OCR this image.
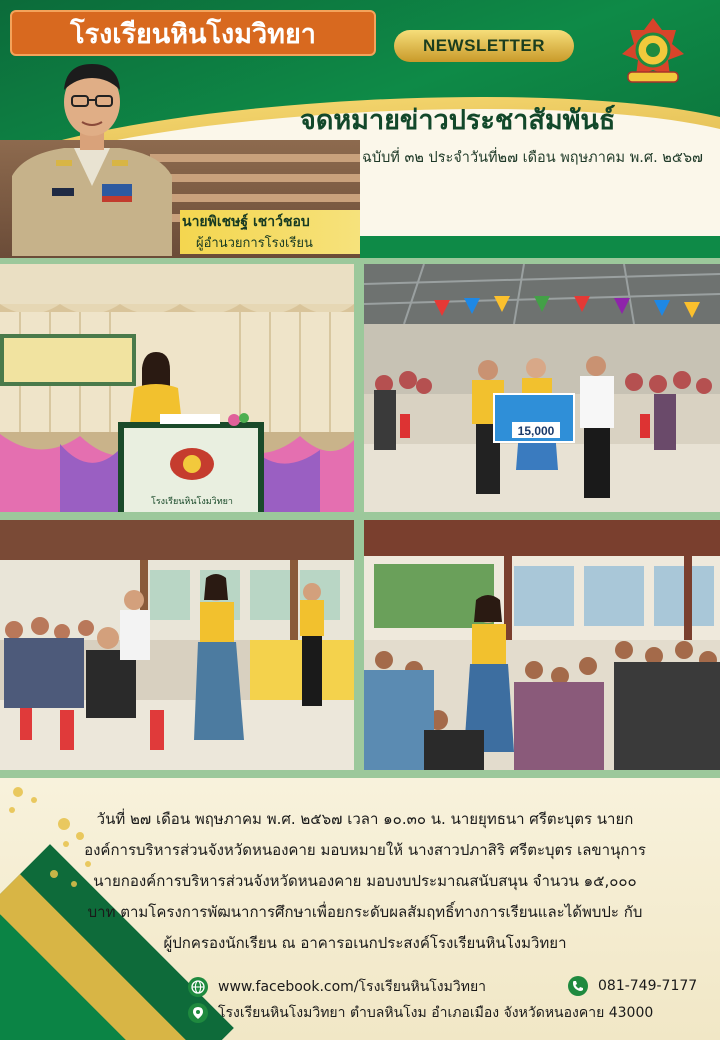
โรงเรียนหินโงมวิทยา	NEWSLETTER
จดหมายข่าวประชาสัมพันธ์
ฉบับที่ ๓๒ ประจำวันที่๒๗ เดือน พฤษภาคม พ.ศ. ๒๕๖๗
นายพิเชษฐ์ เชาว์ชอบ
ผู้อำนวยการโรงเรียน
โรงเรียนหินโงมวิทยา
15,000
วันที่ ๒๗ เดือน พฤษภาคม พ.ศ. ๒๕๖๗ เวลา ๑๐.๓๐ น. นายยุทธนา ศรีตะบุตร นายก
องค์การบริหารส่วนจังหวัดหนองคาย มอบหมายให้ นางสาวปภาสิริ ศรีตะบุตร เลขานุการ
นายกองค์การบริหารส่วนจังหวัดหนองคาย มอบงบประมาณสนับสนุน จำนวน ๑๕,๐๐๐
บาท ตามโครงการพัฒนาการศึกษาเพื่อยกระดับผลสัมฤทธิ์ทางการเรียนและได้พบปะ กับ
ผู้ปกครองนักเรียน ณ อาคารอเนกประสงค์โรงเรียนหินโงมวิทยา
www.facebook.com/โรงเรียนหินโงมวิทยา	081-749-7177
โรงเรียนหินโงมวิทยา ตำบลหินโงม อำเภอเมือง จังหวัดหนองคาย 43000
